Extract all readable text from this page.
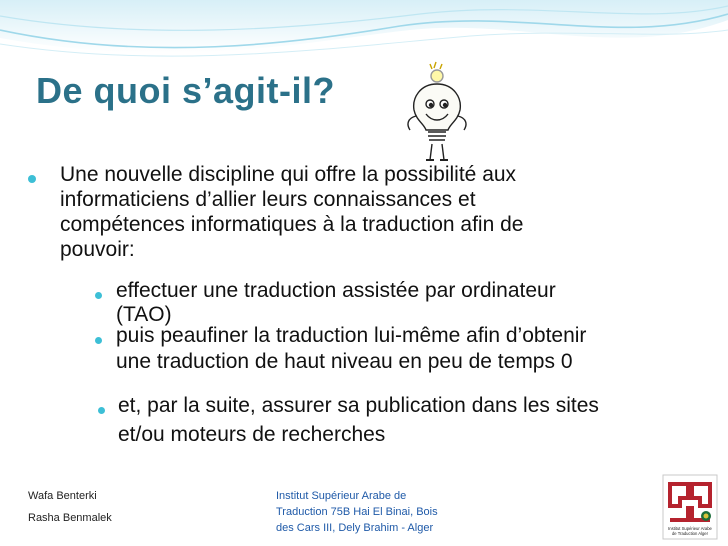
De quoi s’agit-il?
Une nouvelle discipline qui offre la possibilité aux
informaticiens d’allier leurs connaissances et
compétences informatiques à la traduction afin de
pouvoir:
effectuer une traduction assistée par ordinateur
(TAO)
puis peaufiner la traduction lui-même afin d’obtenir
une traduction de haut niveau en peu de temps 0
et, par la suite, assurer sa publication dans les sites
et/ou moteurs de recherches
Wafa Benterki
Rasha Benmalek
Institut Supérieur Arabe de
Traduction 75B Hai El Binai, Bois
des Cars III, Dely Brahim - Alger	Institut Supérieur Arabe
de Traduction Alger
